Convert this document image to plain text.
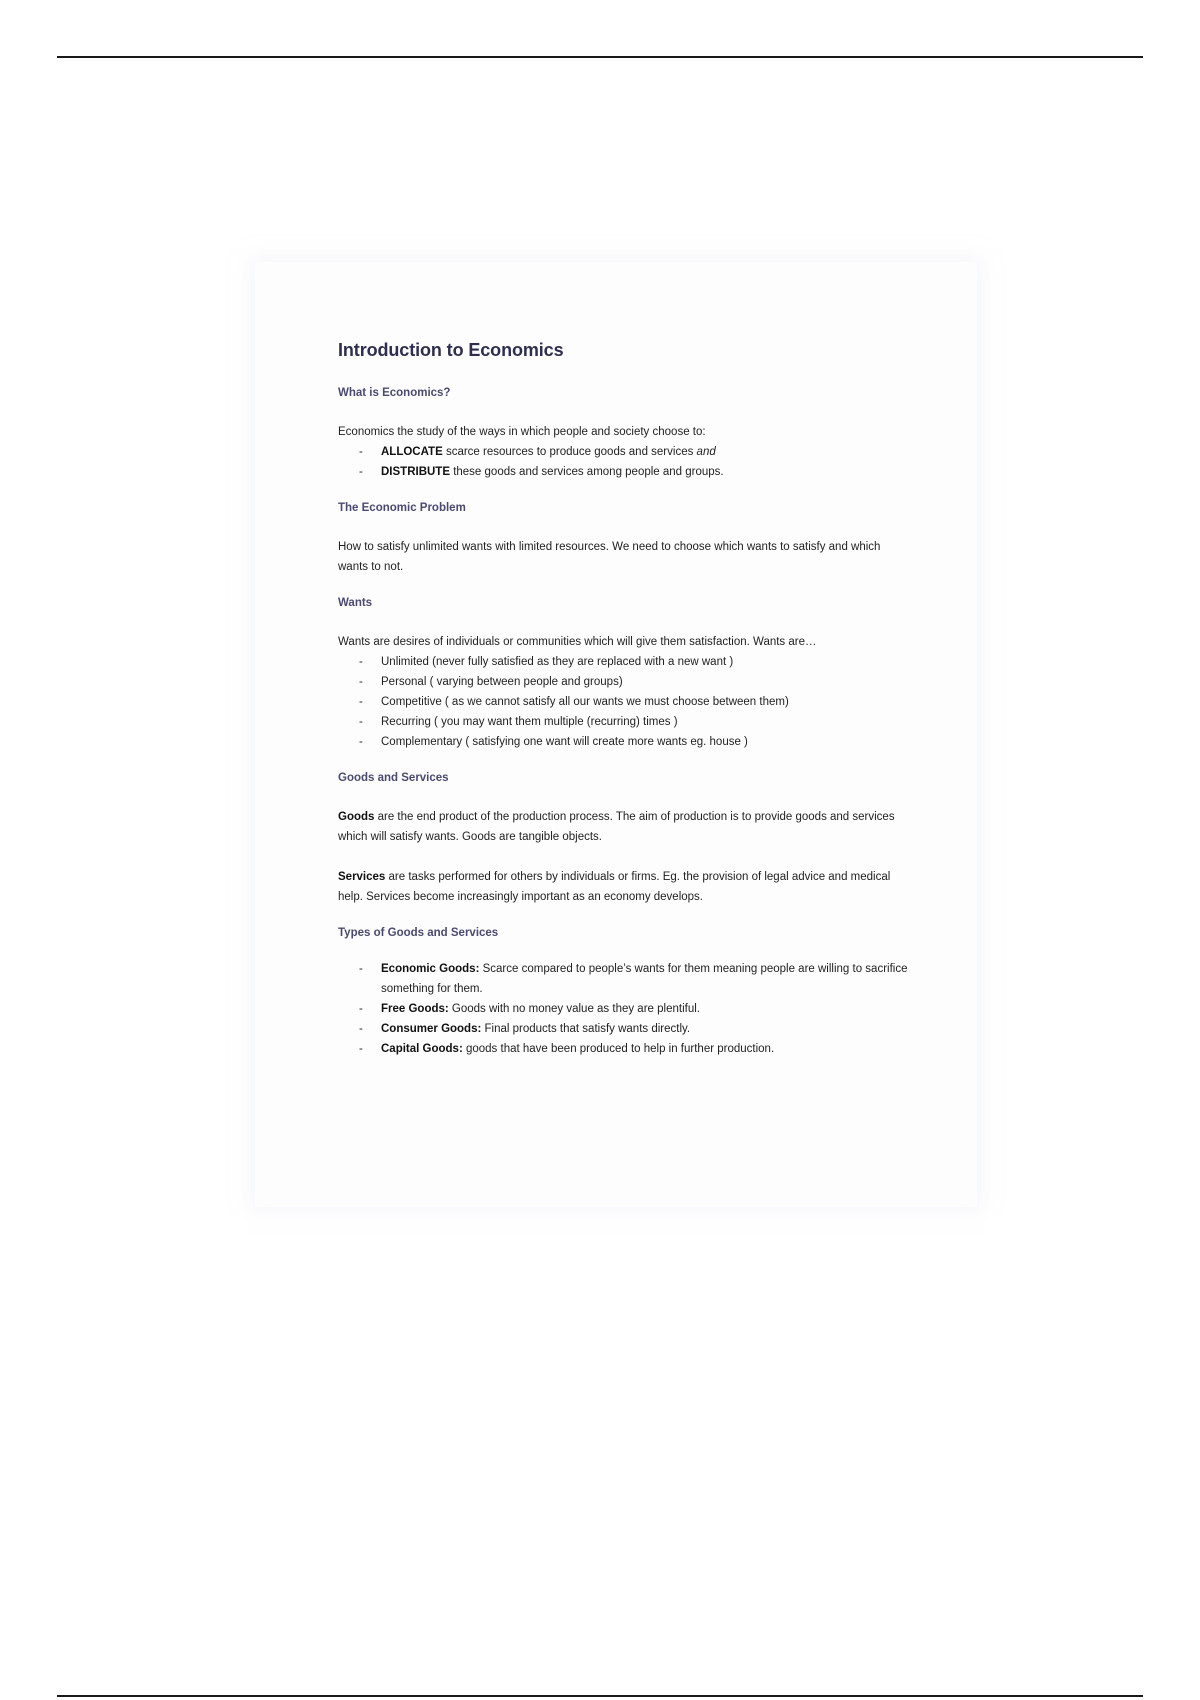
Introduction to Economics
What is Economics?

Economics the study of the ways in which people and society choose to:

- ALLOCATE scarce resources to produce goods and services and
- DISTRIBUTE these goods and services among people and groups.
The Economic Problem

How to satisfy unlimited wants with limited resources. We need to choose which wants to satisfy and which wants to not.

Wants

Wants are desires of individuals or communities which will give them satisfaction. Wants are…

- Unlimited (never fully satisfied as they are replaced with a new want )
- Personal ( varying between people and groups)
- Competitive ( as we cannot satisfy all our wants we must choose between them)
- Recurring ( you may want them multiple (recurring) times )
- Complementary ( satisfying one want will create more wants eg. house )
Goods and Services

Goods are the end product of the production process. The aim of production is to provide goods and services which will satisfy wants. Goods are tangible objects.

Services are tasks performed for others by individuals or firms. Eg. the provision of legal advice and medical help. Services become increasingly important as an economy develops.

Types of Goods and Services
- Economic Goods: Scarce compared to people’s wants for them meaning people are willing to sacrifice something for them.
- Free Goods: Goods with no money value as they are plentiful.
- Consumer Goods: Final products that satisfy wants directly.
- Capital Goods: goods that have been produced to help in further production.
